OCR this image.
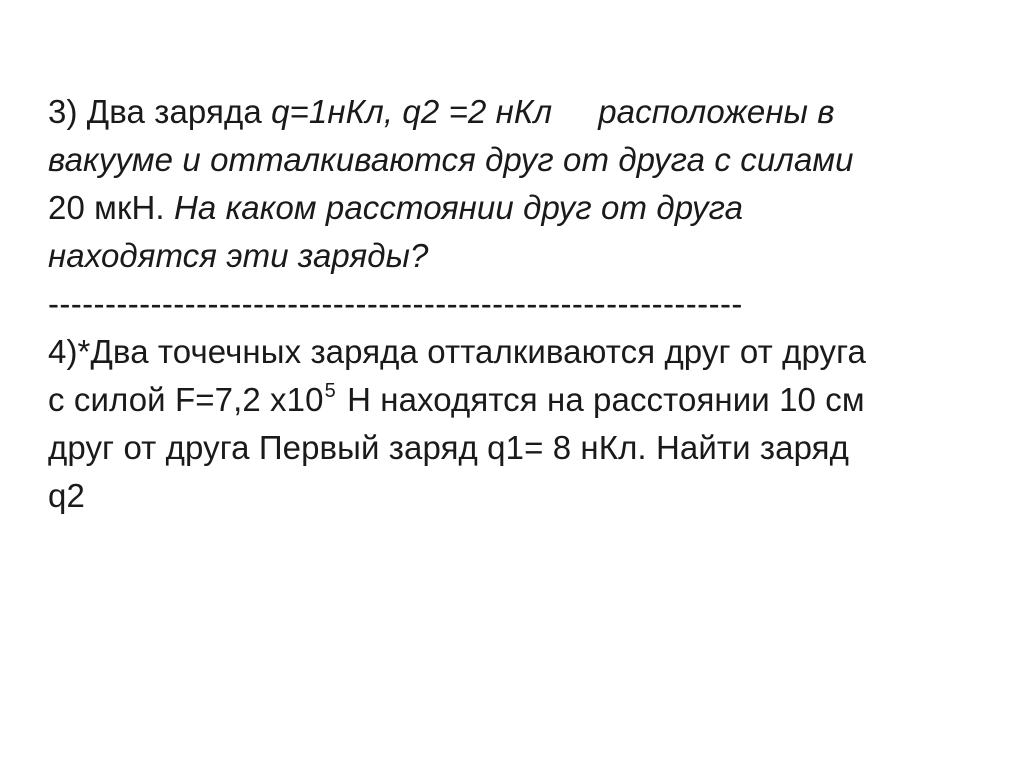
3) Два заряда q=1нКл, q2 =2 нКл расположены в
вакууме и отталкиваются друг от друга с силами
20 мкН. На каком расстоянии друг от друга
находятся эти заряды?
-------------------------------------------------------------
4)*Два точечных заряда отталкиваются друг от друга
с силой F=7,2 $x10^5$ Н находятся на расстоянии 10 см
друг от друга Первый заряд q1= 8 нКл. Найти заряд
q2
